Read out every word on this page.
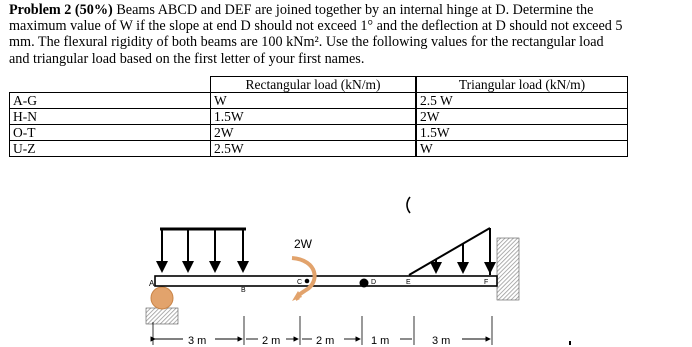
Problem 2 (50%) Beams ABCD and DEF are joined together by an internal hinge at D. Determine the
maximum value of W if the slope at end D should not exceed 1° and the deflection at D should not exceed 5
mm. The flexural rigidity of both beams are 100 kNm². Use the following values for the rectangular load
and triangular load based on the first letter of your first names.
	Rectangular load (kN/m)	Triangular load (kN/m)
A-G	W	2.5 W
H-N	1.5W	2W
O-T	2W	1.5W
U-Z	2.5W	W
2W
A
B
C	D	E	F
3 m	2 m	2 m	1 m	3 m
